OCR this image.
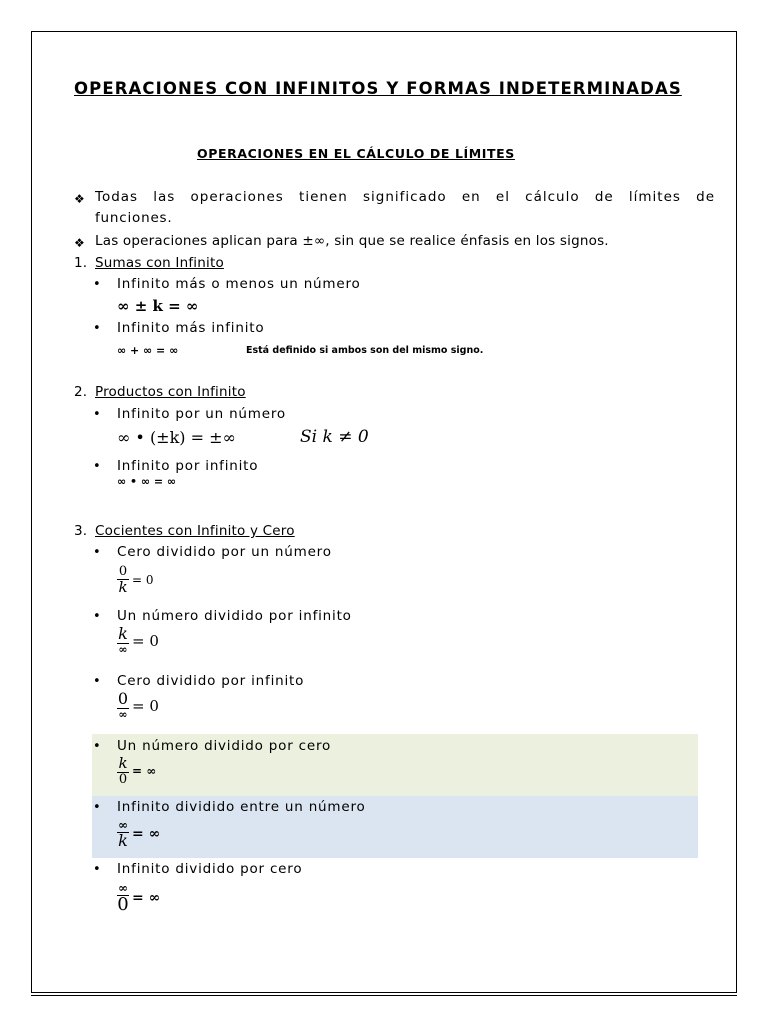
OPERACIONES CON INFINITOS Y FORMAS INDETERMINADAS
OPERACIONES EN EL CÁLCULO DE LÍMITES
❖ Todas las operaciones tienen significado en el cálculo de límites de
funciones.
❖ Las operaciones aplican para ±∞, sin que se realice énfasis en los signos.
1. Sumas con Infinito
• Infinito más o menos un número
∞ ± k = ∞
• Infinito más infinito
∞ + ∞ = ∞	Está definido si ambos son del mismo signo.
2. Productos con Infinito
• Infinito por un número
∞ • (±k) = ±∞	Si k ≠ 0
• Infinito por infinito
∞ • ∞ = ∞
3. Cocientes con Infinito y Cero
• Cero dividido por un número
$\frac{0}{k} = 0$
• Un número dividido por infinito
$\frac{k}{\infty} = 0$
• Cero dividido por infinito
$\frac{0}{\infty} = 0$
• Un número dividido por cero
$\frac{k}{0}$ = ∞
• Infinito dividido entre un número
$\frac{\infty}{k}$ = ∞
• Infinito dividido por cero
$\frac{\infty}{0}$ = ∞
